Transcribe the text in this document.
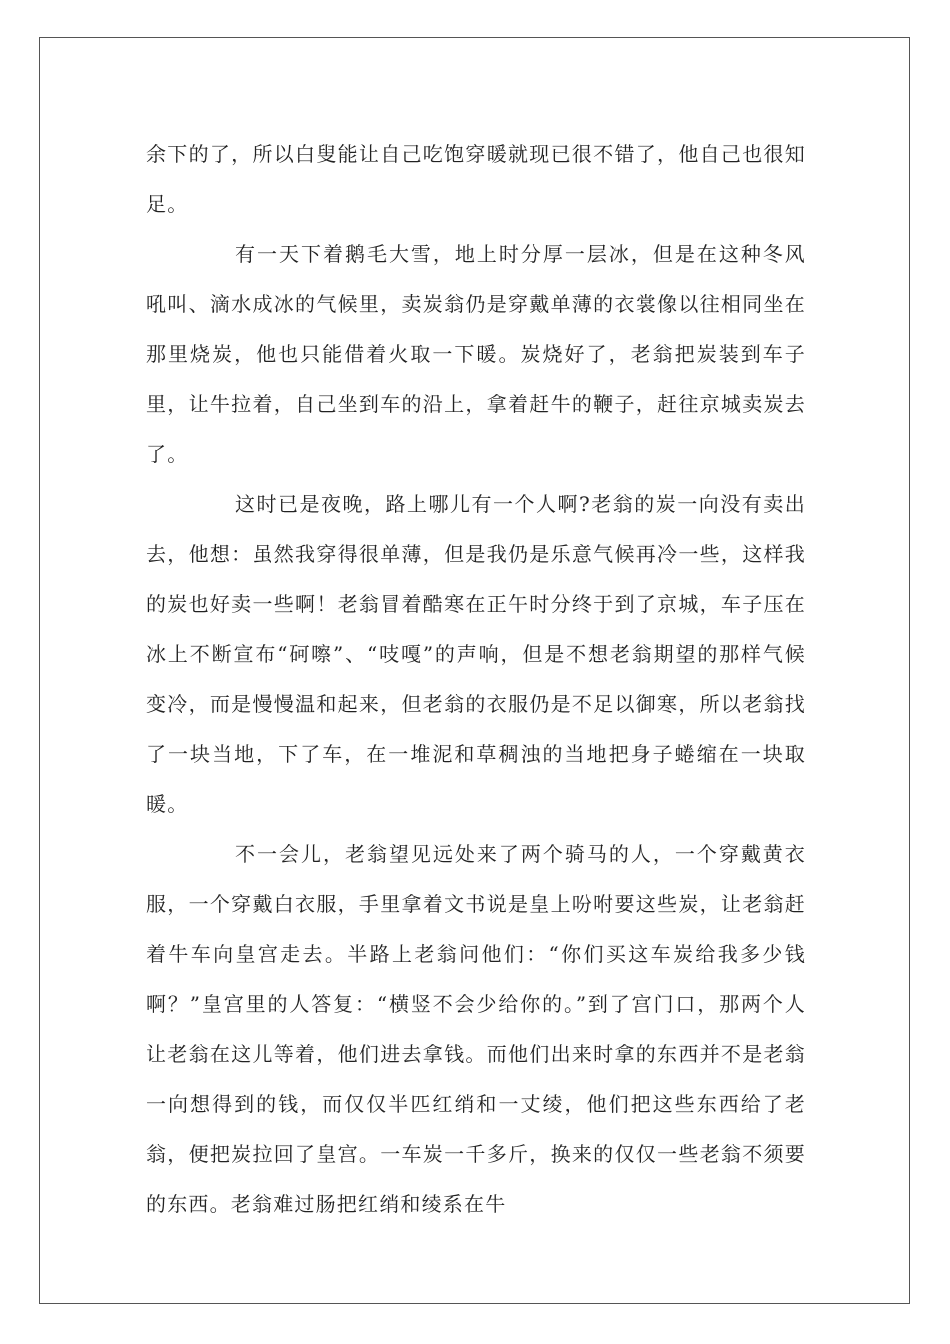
余下的了，所以白叟能让自己吃饱穿暖就现已很不错了，他自己也很知足。

有一天下着鹅毛大雪，地上时分厚一层冰，但是在这种冬风吼叫、滴水成冰的气候里，卖炭翁仍是穿戴单薄的衣裳像以往相同坐在那里烧炭，他也只能借着火取一下暖。炭烧好了，老翁把炭装到车子里，让牛拉着，自己坐到车的沿上，拿着赶牛的鞭子，赶往京城卖炭去了。

这时已是夜晚，路上哪儿有一个人啊?老翁的炭一向没有卖出去，他想：虽然我穿得很单薄，但是我仍是乐意气候再冷一些，这样我的炭也好卖一些啊！老翁冒着酷寒在正午时分终于到了京城，车子压在冰上不断宣布“砢嚓”、“吱嘎”的声响，但是不想老翁期望的那样气候变冷，而是慢慢温和起来，但老翁的衣服仍是不足以御寒，所以老翁找了一块当地，下了车，在一堆泥和草稠浊的当地把身子蜷缩在一块取暖。

不一会儿，老翁望见远处来了两个骑马的人，一个穿戴黄衣服，一个穿戴白衣服，手里拿着文书说是皇上吩咐要这些炭，让老翁赶着牛车向皇宫走去。半路上老翁问他们：“你们买这车炭给我多少钱啊？”皇宫里的人答复：“横竖不会少给你的。”到了宫门口，那两个人让老翁在这儿等着，他们进去拿钱。而他们出来时拿的东西并不是老翁一向想得到的钱，而仅仅半匹红绡和一丈绫，他们把这些东西给了老翁，便把炭拉回了皇宫。一车炭一千多斤，换来的仅仅一些老翁不须要的东西。老翁难过肠把红绡和绫系在牛
